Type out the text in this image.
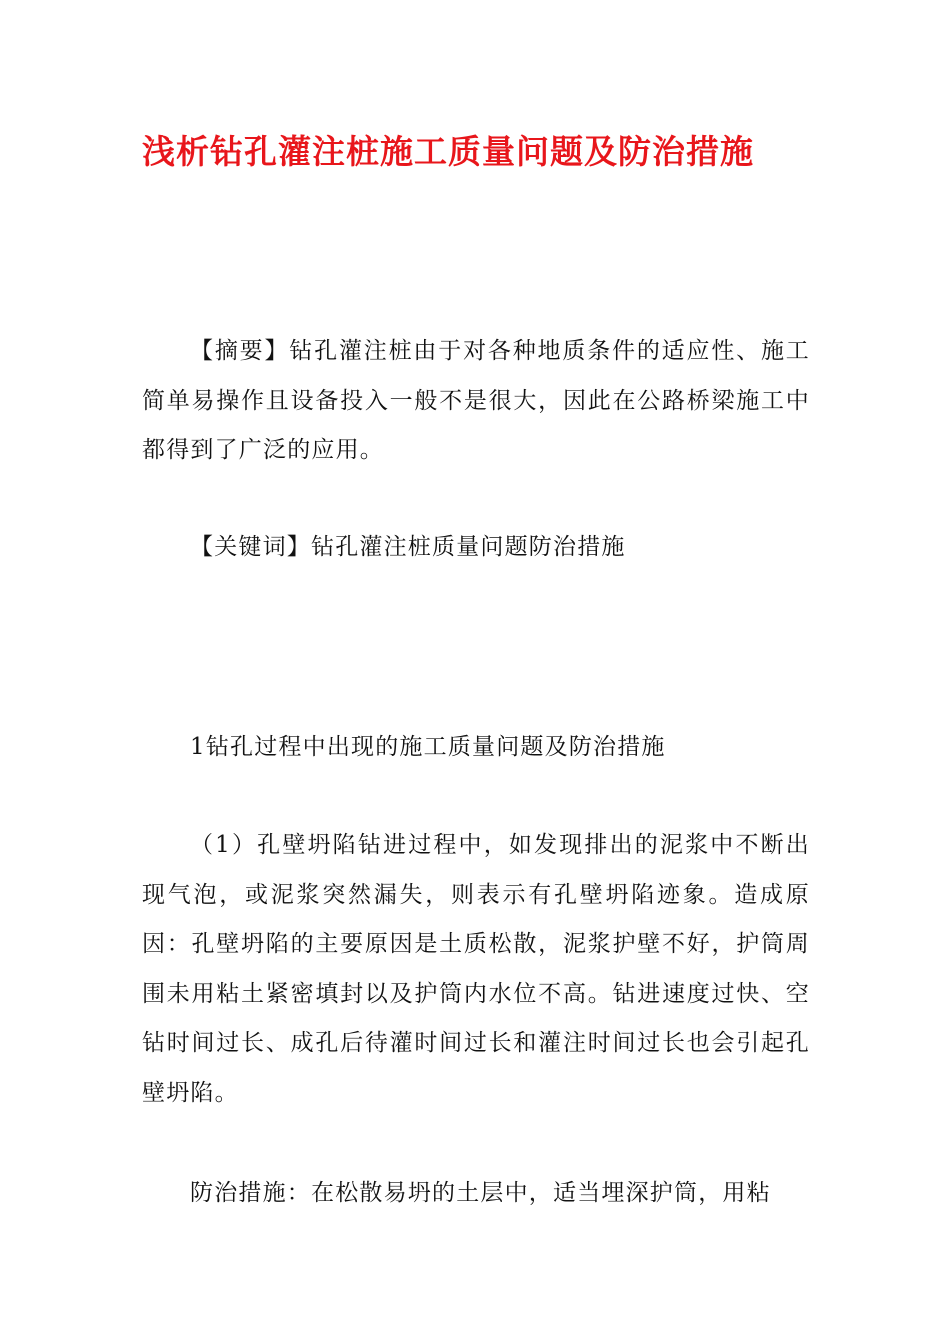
浅析钻孔灌注桩施工质量问题及防治措施

【摘要】钻孔灌注桩由于对各种地质条件的适应性、施工简单易操作且设备投入一般不是很大，因此在公路桥梁施工中都得到了广泛的应用。

【关键词】钻孔灌注桩质量问题防治措施

1钻孔过程中出现的施工质量问题及防治措施

（1）孔壁坍陷钻进过程中，如发现排出的泥浆中不断出现气泡，或泥浆突然漏失，则表示有孔壁坍陷迹象。造成原因：孔壁坍陷的主要原因是土质松散，泥浆护壁不好，护筒周围未用粘土紧密填封以及护筒内水位不高。钻进速度过快、空钻时间过长、成孔后待灌时间过长和灌注时间过长也会引起孔壁坍陷。

防治措施：在松散易坍的土层中，适当埋深护筒，用粘
